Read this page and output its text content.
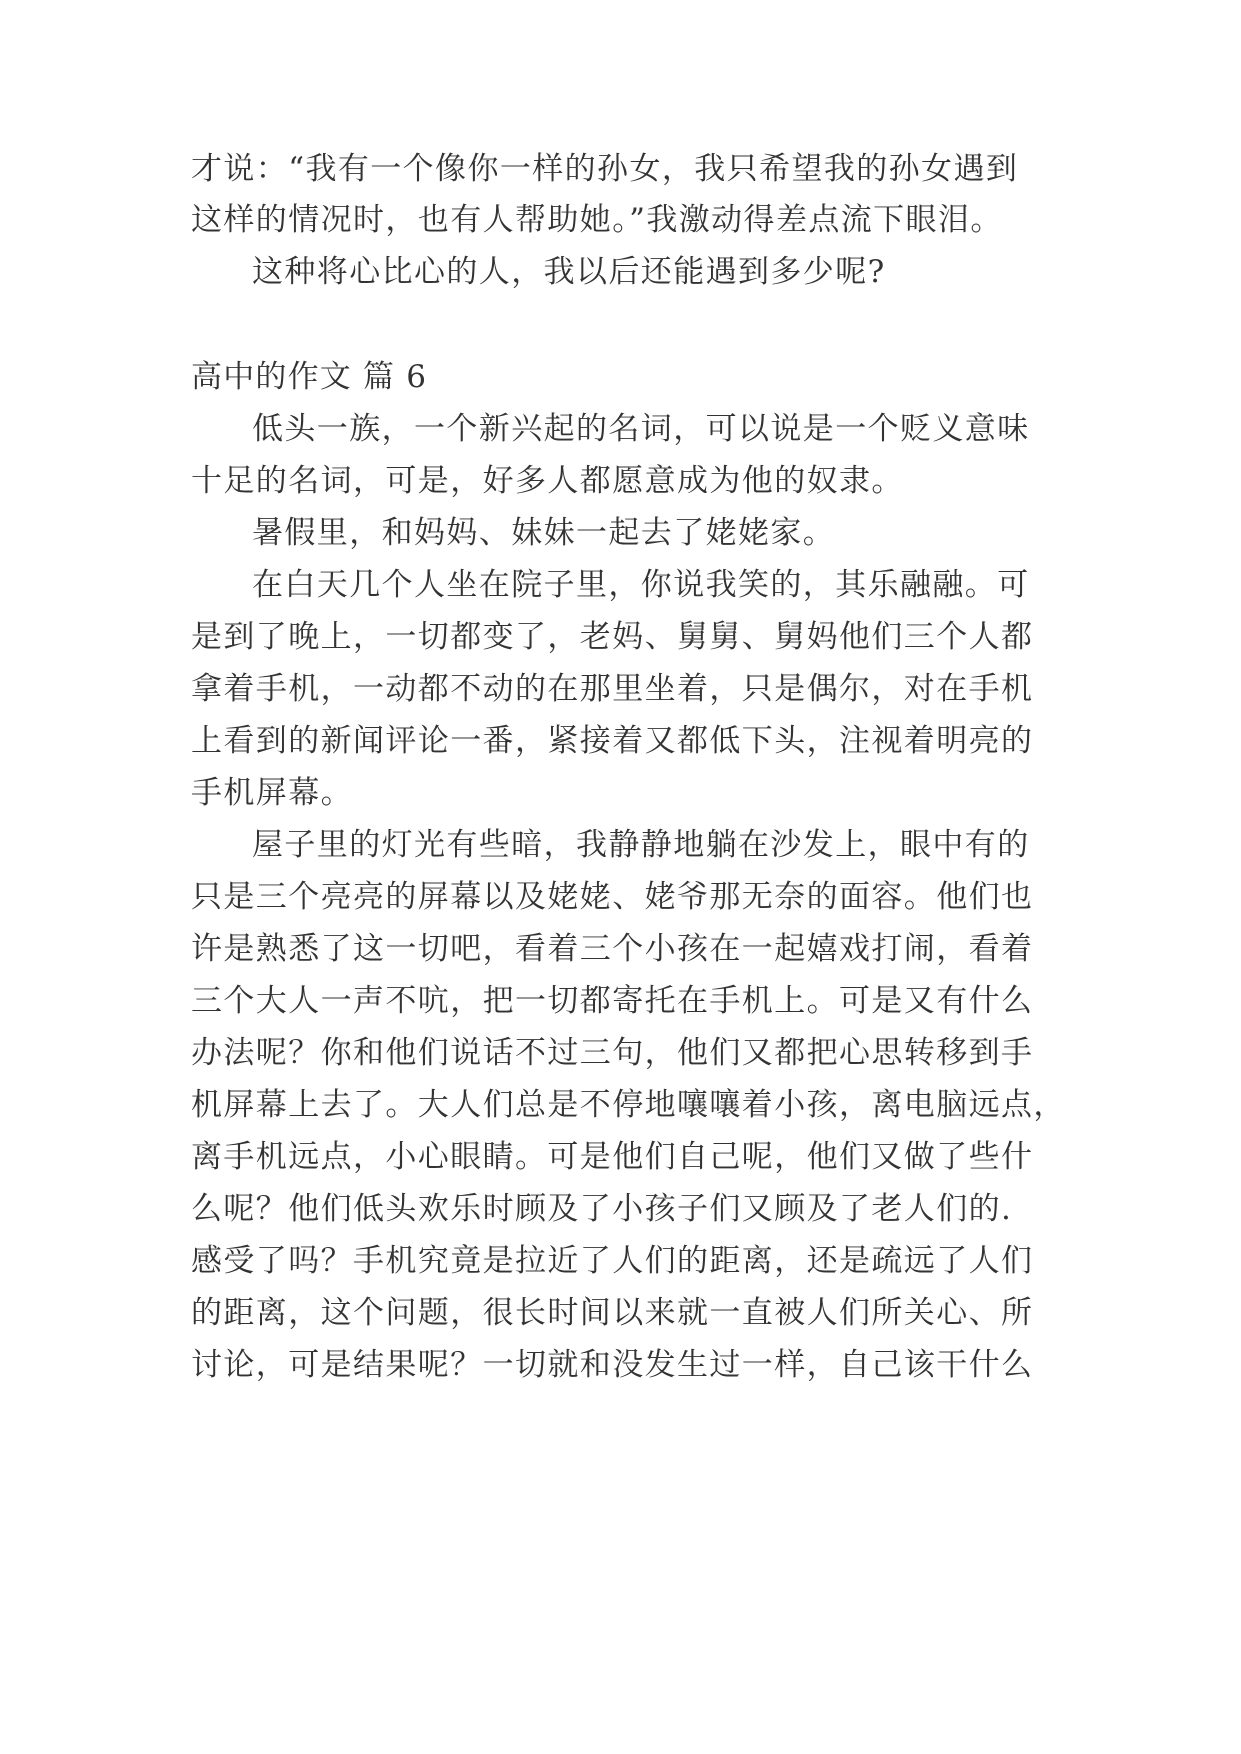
才说：“我有一个像你一样的孙女，我只希望我的孙女遇到
这样的情况时，也有人帮助她。”我激动得差点流下眼泪。
这种将心比心的人，我以后还能遇到多少呢?
高中的作文 篇 6
低头一族，一个新兴起的名词，可以说是一个贬义意味
十足的名词，可是，好多人都愿意成为他的奴隶。
暑假里，和妈妈、妹妹一起去了姥姥家。
在白天几个人坐在院子里，你说我笑的，其乐融融。可
是到了晚上，一切都变了，老妈、舅舅、舅妈他们三个人都
拿着手机，一动都不动的在那里坐着，只是偶尔，对在手机
上看到的新闻评论一番，紧接着又都低下头，注视着明亮的
手机屏幕。
屋子里的灯光有些暗，我静静地躺在沙发上，眼中有的
只是三个亮亮的屏幕以及姥姥、姥爷那无奈的面容。他们也
许是熟悉了这一切吧，看着三个小孩在一起嬉戏打闹，看着
三个大人一声不吭，把一切都寄托在手机上。可是又有什么
办法呢？你和他们说话不过三句，他们又都把心思转移到手
机屏幕上去了。大人们总是不停地嚷嚷着小孩，离电脑远点，
离手机远点，小心眼睛。可是他们自己呢，他们又做了些什
么呢？他们低头欢乐时顾及了小孩子们又顾及了老人们的.
感受了吗？手机究竟是拉近了人们的距离，还是疏远了人们
的距离，这个问题，很长时间以来就一直被人们所关心、所
讨论，可是结果呢？一切就和没发生过一样，自己该干什么
